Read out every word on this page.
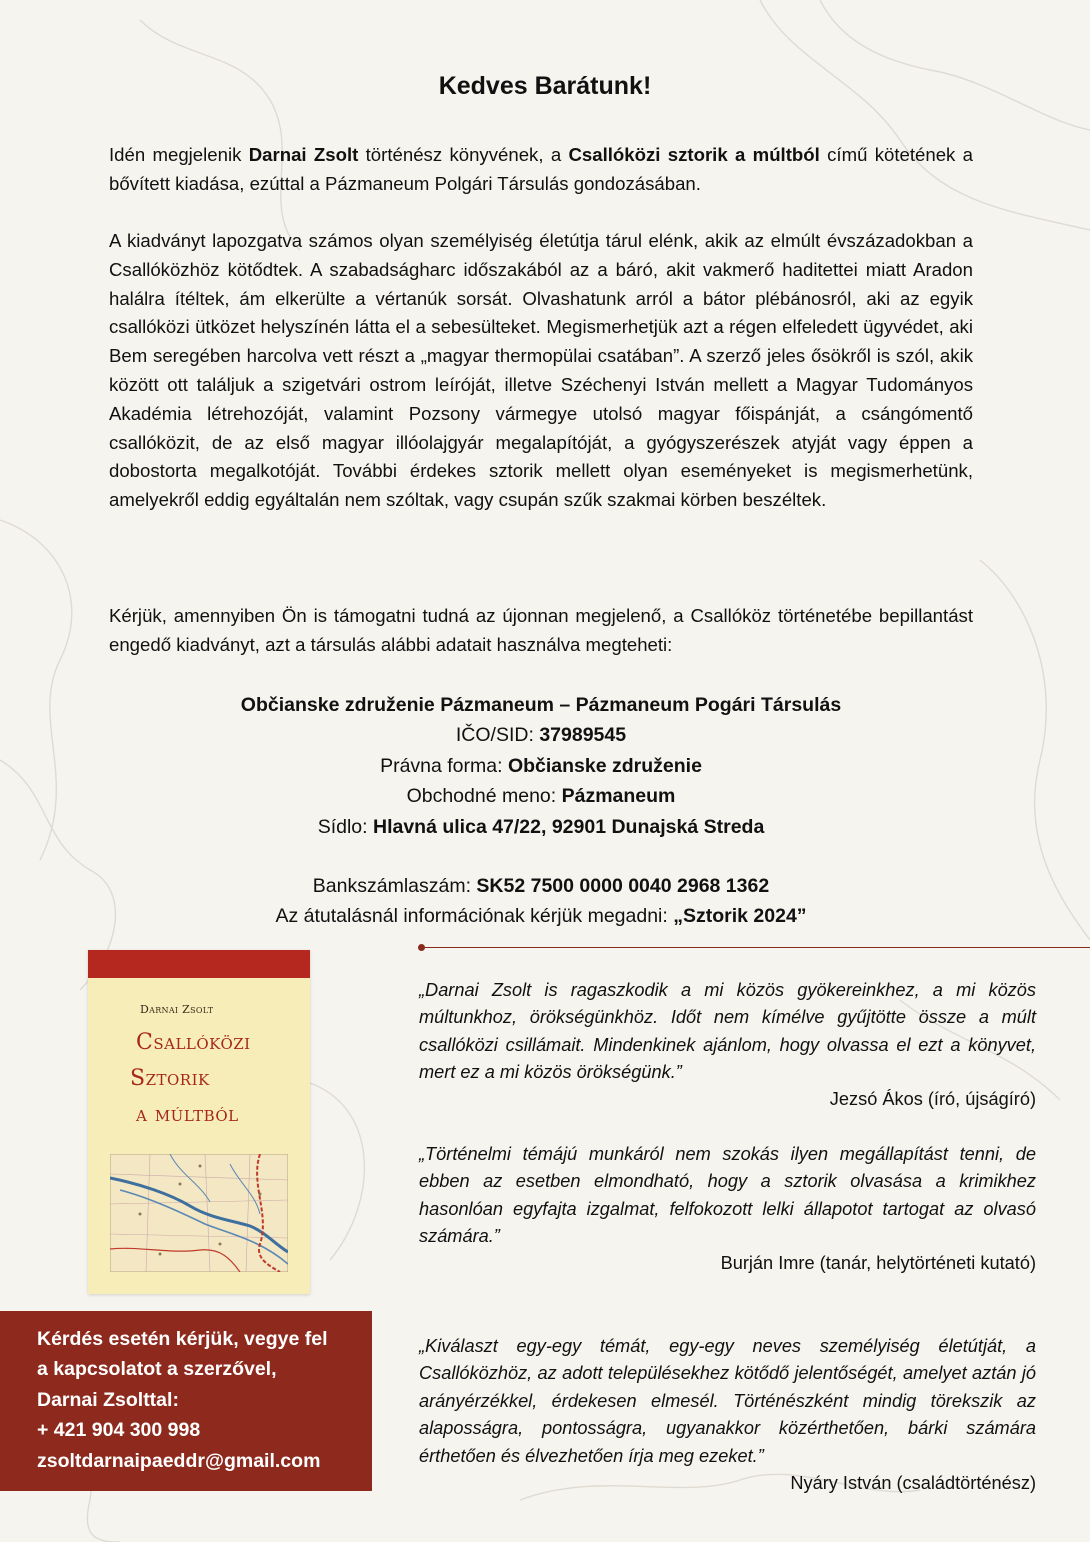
Kedves Barátunk!

Idén megjelenik Darnai Zsolt történész könyvének, a Csallóközi sztorik a múltból című kötetének a bővített kiadása, ezúttal a Pázmaneum Polgári Társulás gondozásában.

A kiadványt lapozgatva számos olyan személyiség életútja tárul elénk, akik az elmúlt évszázadokban a Csallóközhöz kötődtek. A szabadságharc időszakából az a báró, akit vakmerő haditettei miatt Aradon halálra ítéltek, ám elkerülte a vértanúk sorsát. Olvashatunk arról a bátor plébánosról, aki az egyik csallóközi ütközet helyszínén látta el a sebesülteket. Megismerhetjük azt a régen elfeledett ügyvédet, aki Bem seregében harcolva vett részt a „magyar thermopülai csatában”. A szerző jeles ősökről is szól, akik között ott találjuk a szigetvári ostrom leíróját, illetve Széchenyi István mellett a Magyar Tudományos Akadémia létrehozóját, valamint Pozsony vármegye utolsó magyar főispánját, a csángómentő csallóközit, de az első magyar illóolajgyár megalapítóját, a gyógyszerészek atyját vagy éppen a dobostorta megalkotóját. További érdekes sztorik mellett olyan eseményeket is megismerhetünk, amelyekről eddig egyáltalán nem szóltak, vagy csupán szűk szakmai körben beszéltek.

Kérjük, amennyiben Ön is támogatni tudná az újonnan megjelenő, a Csallóköz történetébe bepillantást engedő kiadványt, azt a társulás alábbi adatait használva megteheti:

Občianske združenie Pázmaneum – Pázmaneum Pogári Társulás
IČO/SID: 37989545
Právna forma: Občianske združenie
Obchodné meno: Pázmaneum
Sídlo: Hlavná ulica 47/22, 92901 Dunajská Streda
Bankszámlaszám: SK52 7500 0000 0040 2968 1362
Az átutalásnál információnak kérjük megadni: „Sztorik 2024”
Darnai Zsolt
Csallóközi
Sztorik
a múltból

„Darnai Zsolt is ragaszkodik a mi közös gyökereinkhez, a mi közös múltunkhoz, örökségünkhöz. Időt nem kímélve gyűjtötte össze a múlt csallóközi csillámait. Mindenkinek ajánlom, hogy olvassa el ezt a könyvet, mert ez a mi közös örökségünk.”

Jezsó Ákos (író, újságíró)

„Történelmi témájú munkáról nem szokás ilyen megállapítást tenni, de ebben az esetben elmondható, hogy a sztorik olvasása a krimikhez hasonlóan egyfajta izgalmat, felfokozott lelki állapotot tartogat az olvasó számára.”

Burján Imre (tanár, helytörténeti kutató)

„Kiválaszt egy-egy témát, egy-egy neves személyiség életútját, a Csallóközhöz, az adott településekhez kötődő jelentőségét, amelyet aztán jó arányérzékkel, érdekesen elmesél. Történészként mindig törekszik az alaposságra, pontosságra, ugyanakkor közérthetően, bárki számára érthetően és élvezhetően írja meg ezeket.”

Nyáry István (családtörténész)
Kérdés esetén kérjük, vegye fel
a kapcsolatot a szerzővel,
Darnai Zsolttal:
+ 421 904 300 998
zsoltdarnaipaeddr@gmail.com
